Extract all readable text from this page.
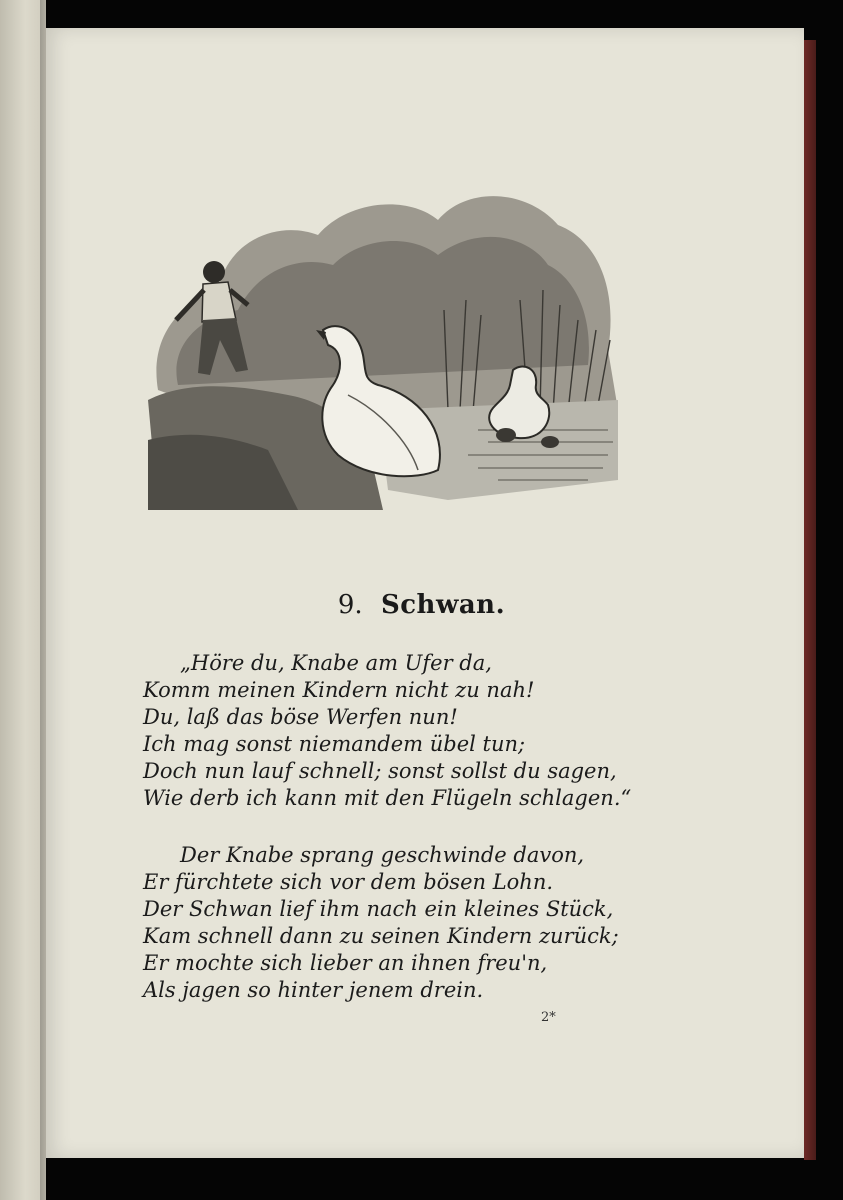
9. Schwan.
„Höre du, Knabe am Ufer da,
Komm meinen Kindern nicht zu nah!
Du, laß das böse Werfen nun!
Ich mag sonst niemandem übel tun;
Doch nun lauf schnell; sonst sollst du sagen,
Wie derb ich kann mit den Flügeln schlagen.“
Der Knabe sprang geschwinde davon,
Er fürchtete sich vor dem bösen Lohn.
Der Schwan lief ihm nach ein kleines Stück,
Kam schnell dann zu seinen Kindern zurück;
Er mochte sich lieber an ihnen freu'n,
Als jagen so hinter jenem drein.
2*
